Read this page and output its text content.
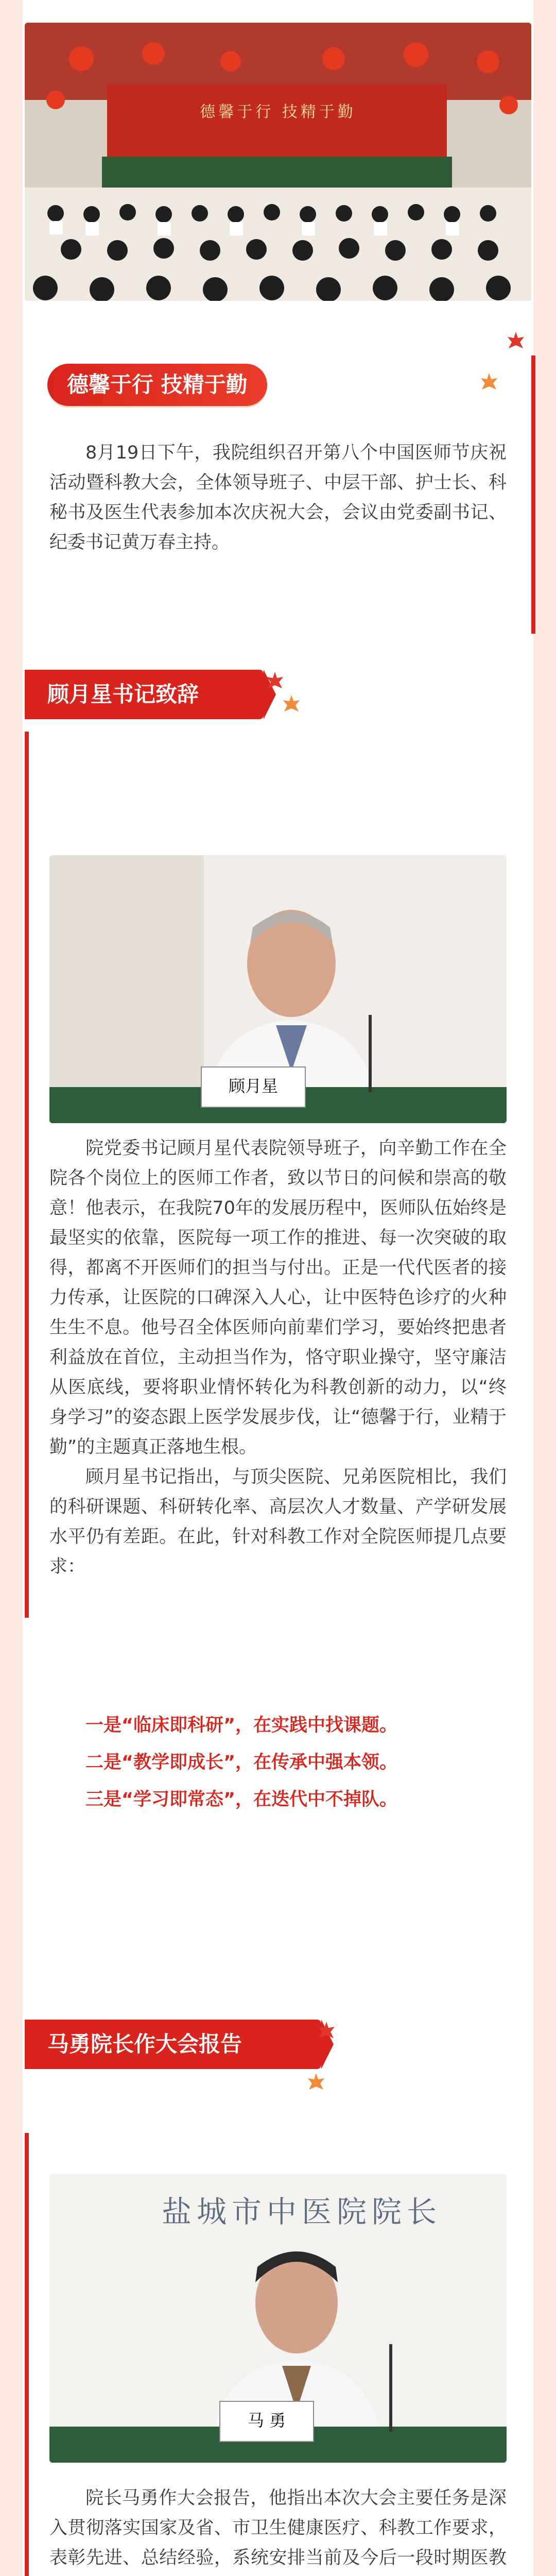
德馨于行 技精于勤
德馨于行 技精于勤

8月19日下午，我院组织召开第八个中国医师节庆祝活动暨科教大会，全体领导班子、中层干部、护士长、科秘书及医生代表参加本次庆祝大会，会议由党委副书记、纪委书记黄万春主持。

顾月星书记致辞
顾月星

院党委书记顾月星代表院领导班子，向辛勤工作在全院各个岗位上的医师工作者，致以节日的问候和崇高的敬意！他表示，在我院70年的发展历程中，医师队伍始终是最坚实的依靠，医院每一项工作的推进、每一次突破的取得，都离不开医师们的担当与付出。正是一代代医者的接力传承，让医院的口碑深入人心，让中医特色诊疗的火种生生不息。他号召全体医师向前辈们学习，要始终把患者利益放在首位，主动担当作为，恪守职业操守，坚守廉洁从医底线，要将职业情怀转化为科教创新的动力，以“终身学习”的姿态跟上医学发展步伐，让“德馨于行，业精于勤”的主题真正落地生根。

顾月星书记指出，与顶尖医院、兄弟医院相比，我们的科研课题、科研转化率、高层次人才数量、产学研发展水平仍有差距。在此，针对科教工作对全院医师提几点要求：

一是“临床即科研”，在实践中找课题。
二是“教学即成长”，在传承中强本领。
三是“学习即常态”，在迭代中不掉队。
马勇院长作大会报告
盐城市中医院院长
马 勇

院长马勇作大会报告，他指出本次大会主要任务是深入贯彻落实国家及省、市卫生健康医疗、科教工作要求，表彰先进、总结经验，系统安排当前及今后一段时期医教
